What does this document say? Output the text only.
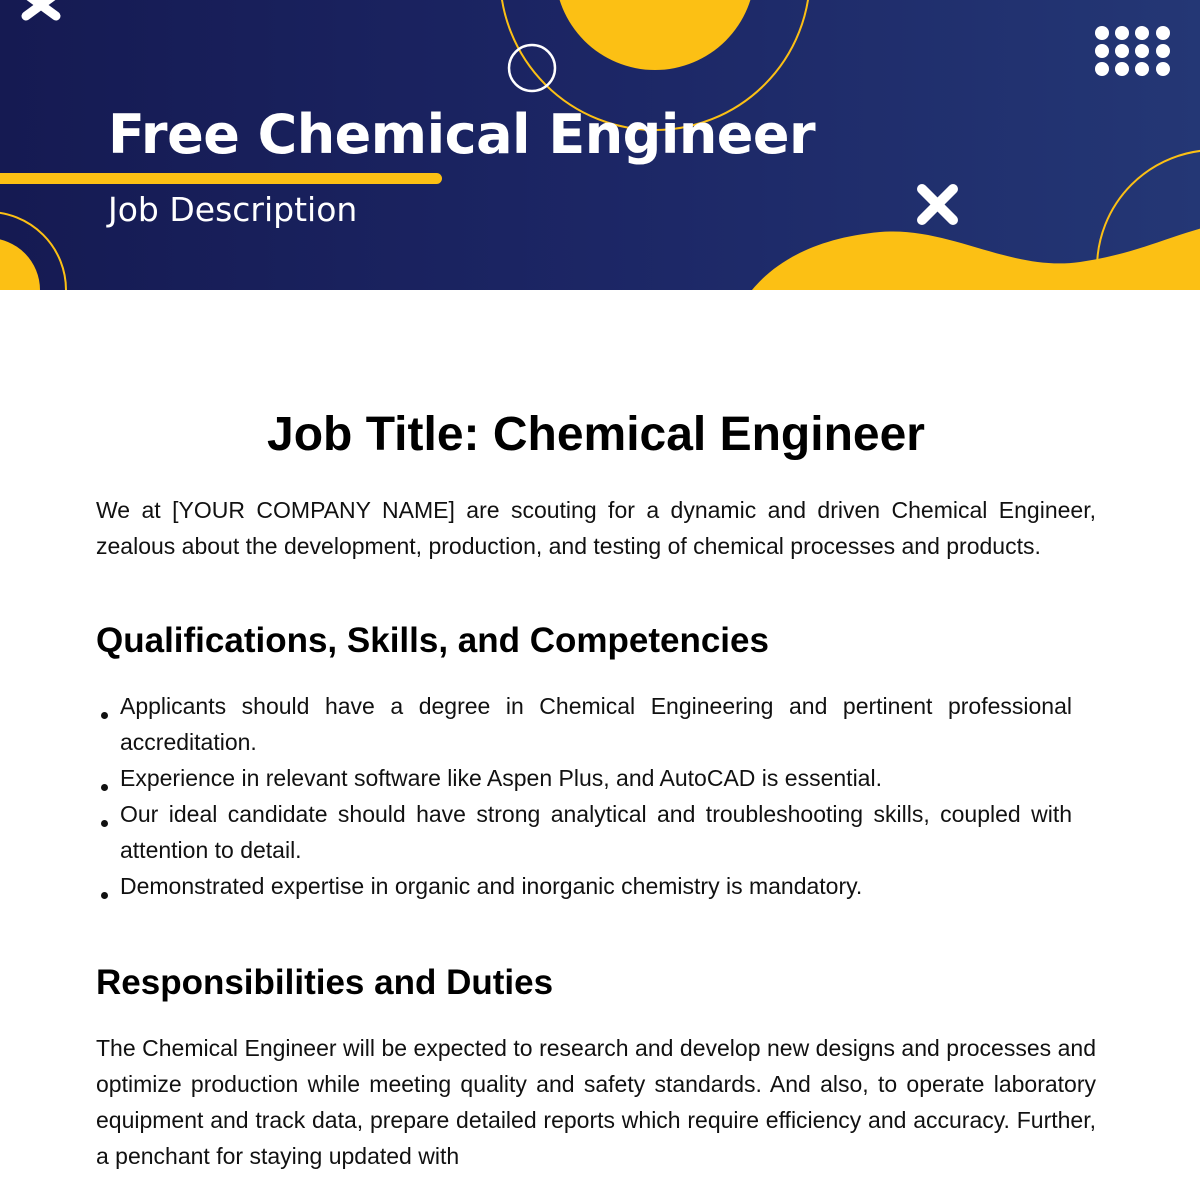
Free Chemical Engineer
Job Description
Job Title: Chemical Engineer

We at [YOUR COMPANY NAME] are scouting for a dynamic and driven Chemical Engineer, zealous about the development, production, and testing of chemical processes and products.

Qualifications, Skills, and Competencies
Applicants should have a degree in Chemical Engineering and pertinent professional accreditation.
Experience in relevant software like Aspen Plus, and AutoCAD is essential.
Our ideal candidate should have strong analytical and troubleshooting skills, coupled with attention to detail.
Demonstrated expertise in organic and inorganic chemistry is mandatory.
Responsibilities and Duties

The Chemical Engineer will be expected to research and develop new designs and processes and optimize production while meeting quality and safety standards. And also, to operate laboratory equipment and track data, prepare detailed reports which require efficiency and accuracy. Further, a penchant for staying updated with
